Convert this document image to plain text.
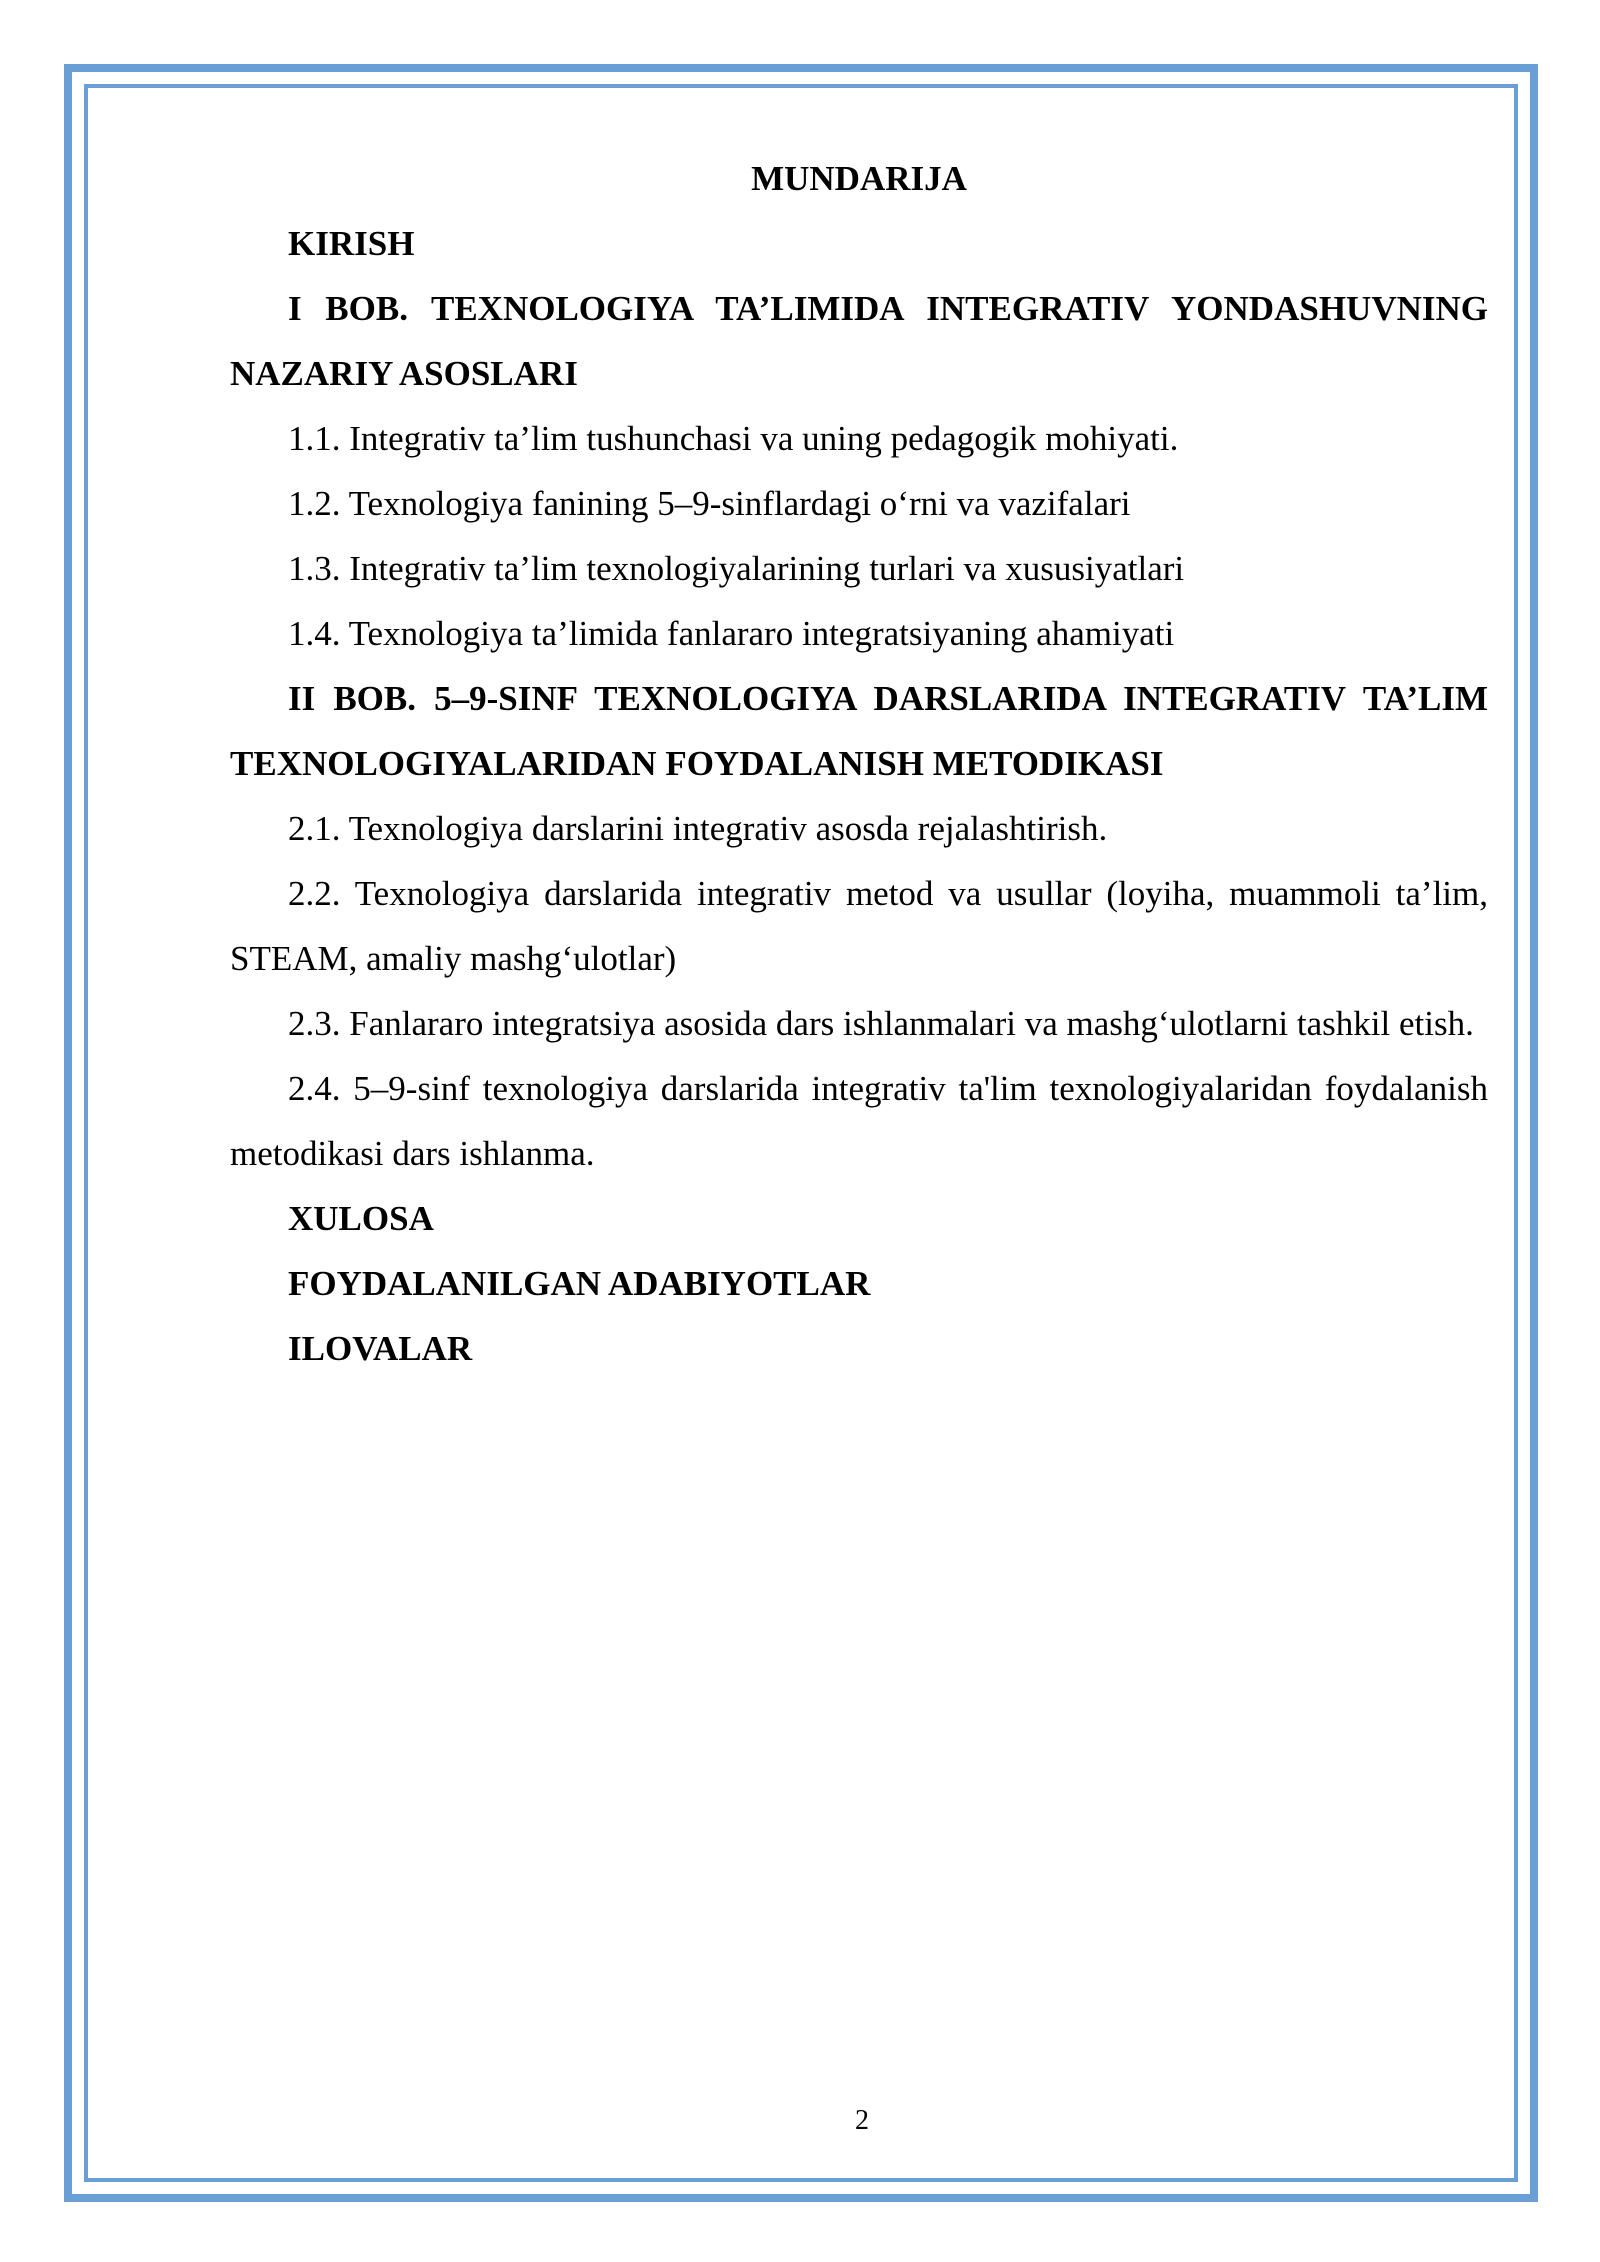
MUNDARIJA

KIRISH

I BOB. TEXNOLOGIYA TA’LIMIDA INTEGRATIV YONDASHUVNING NAZARIY ASOSLARI

1.1. Integrativ ta’lim tushunchasi va uning pedagogik mohiyati.

1.2. Texnologiya fanining 5–9-sinflardagi o‘rni va vazifalari

1.3. Integrativ ta’lim texnologiyalarining turlari va xususiyatlari

1.4. Texnologiya ta’limida fanlararo integratsiyaning ahamiyati

II BOB. 5–9-SINF TEXNOLOGIYA DARSLARIDA INTEGRATIV TA’LIM TEXNOLOGIYALARIDAN FOYDALANISH METODIKASI

2.1. Texnologiya darslarini integrativ asosda rejalashtirish.

2.2. Texnologiya darslarida integrativ metod va usullar (loyiha, muammoli ta’lim, STEAM, amaliy mashg‘ulotlar)

2.3. Fanlararo integratsiya asosida dars ishlanmalari va mashg‘ulotlarni tashkil etish.

2.4. 5–9-sinf texnologiya darslarida integrativ ta'lim texnologiyalaridan foydalanish metodikasi dars ishlanma.

XULOSA

FOYDALANILGAN ADABIYOTLAR

ILOVALAR

2
